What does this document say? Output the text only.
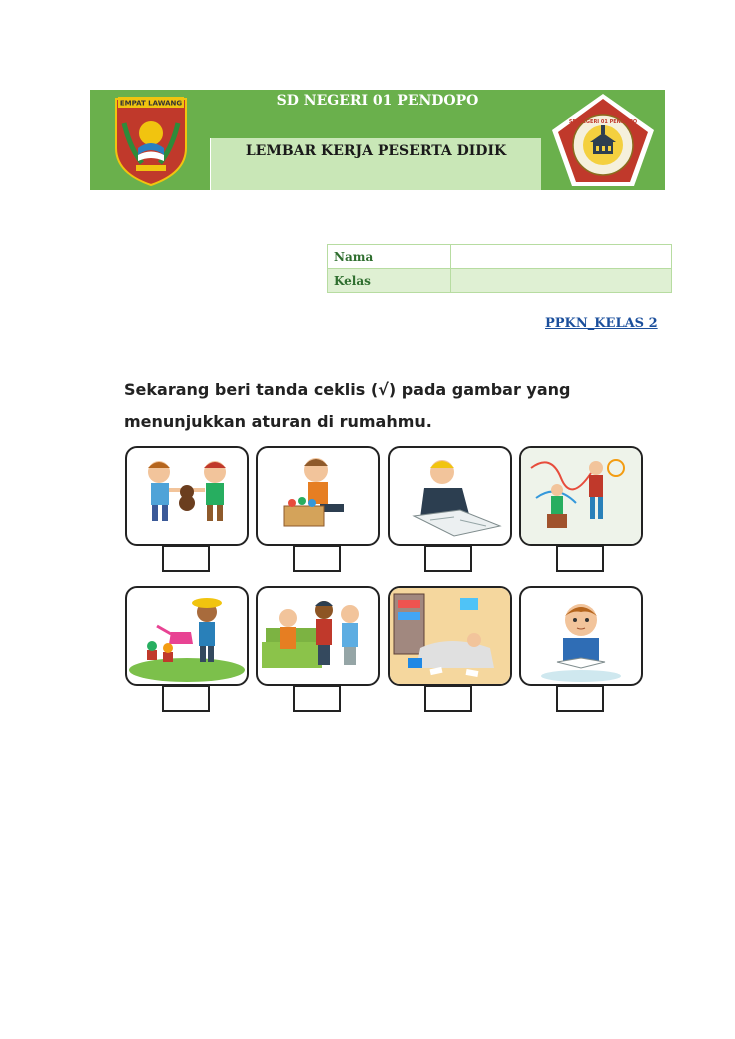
SD NEGERI 01 PENDOPO
EMPAT LAWANG
LEMBAR KERJA PESERTA DIDIK
SD NEGERI 01 PENDOPO
Nama	
Kelas	
PPKN_KELAS 2
Sekarang beri tanda ceklis (√) pada gambar yang menunjukkan aturan di rumahmu.
